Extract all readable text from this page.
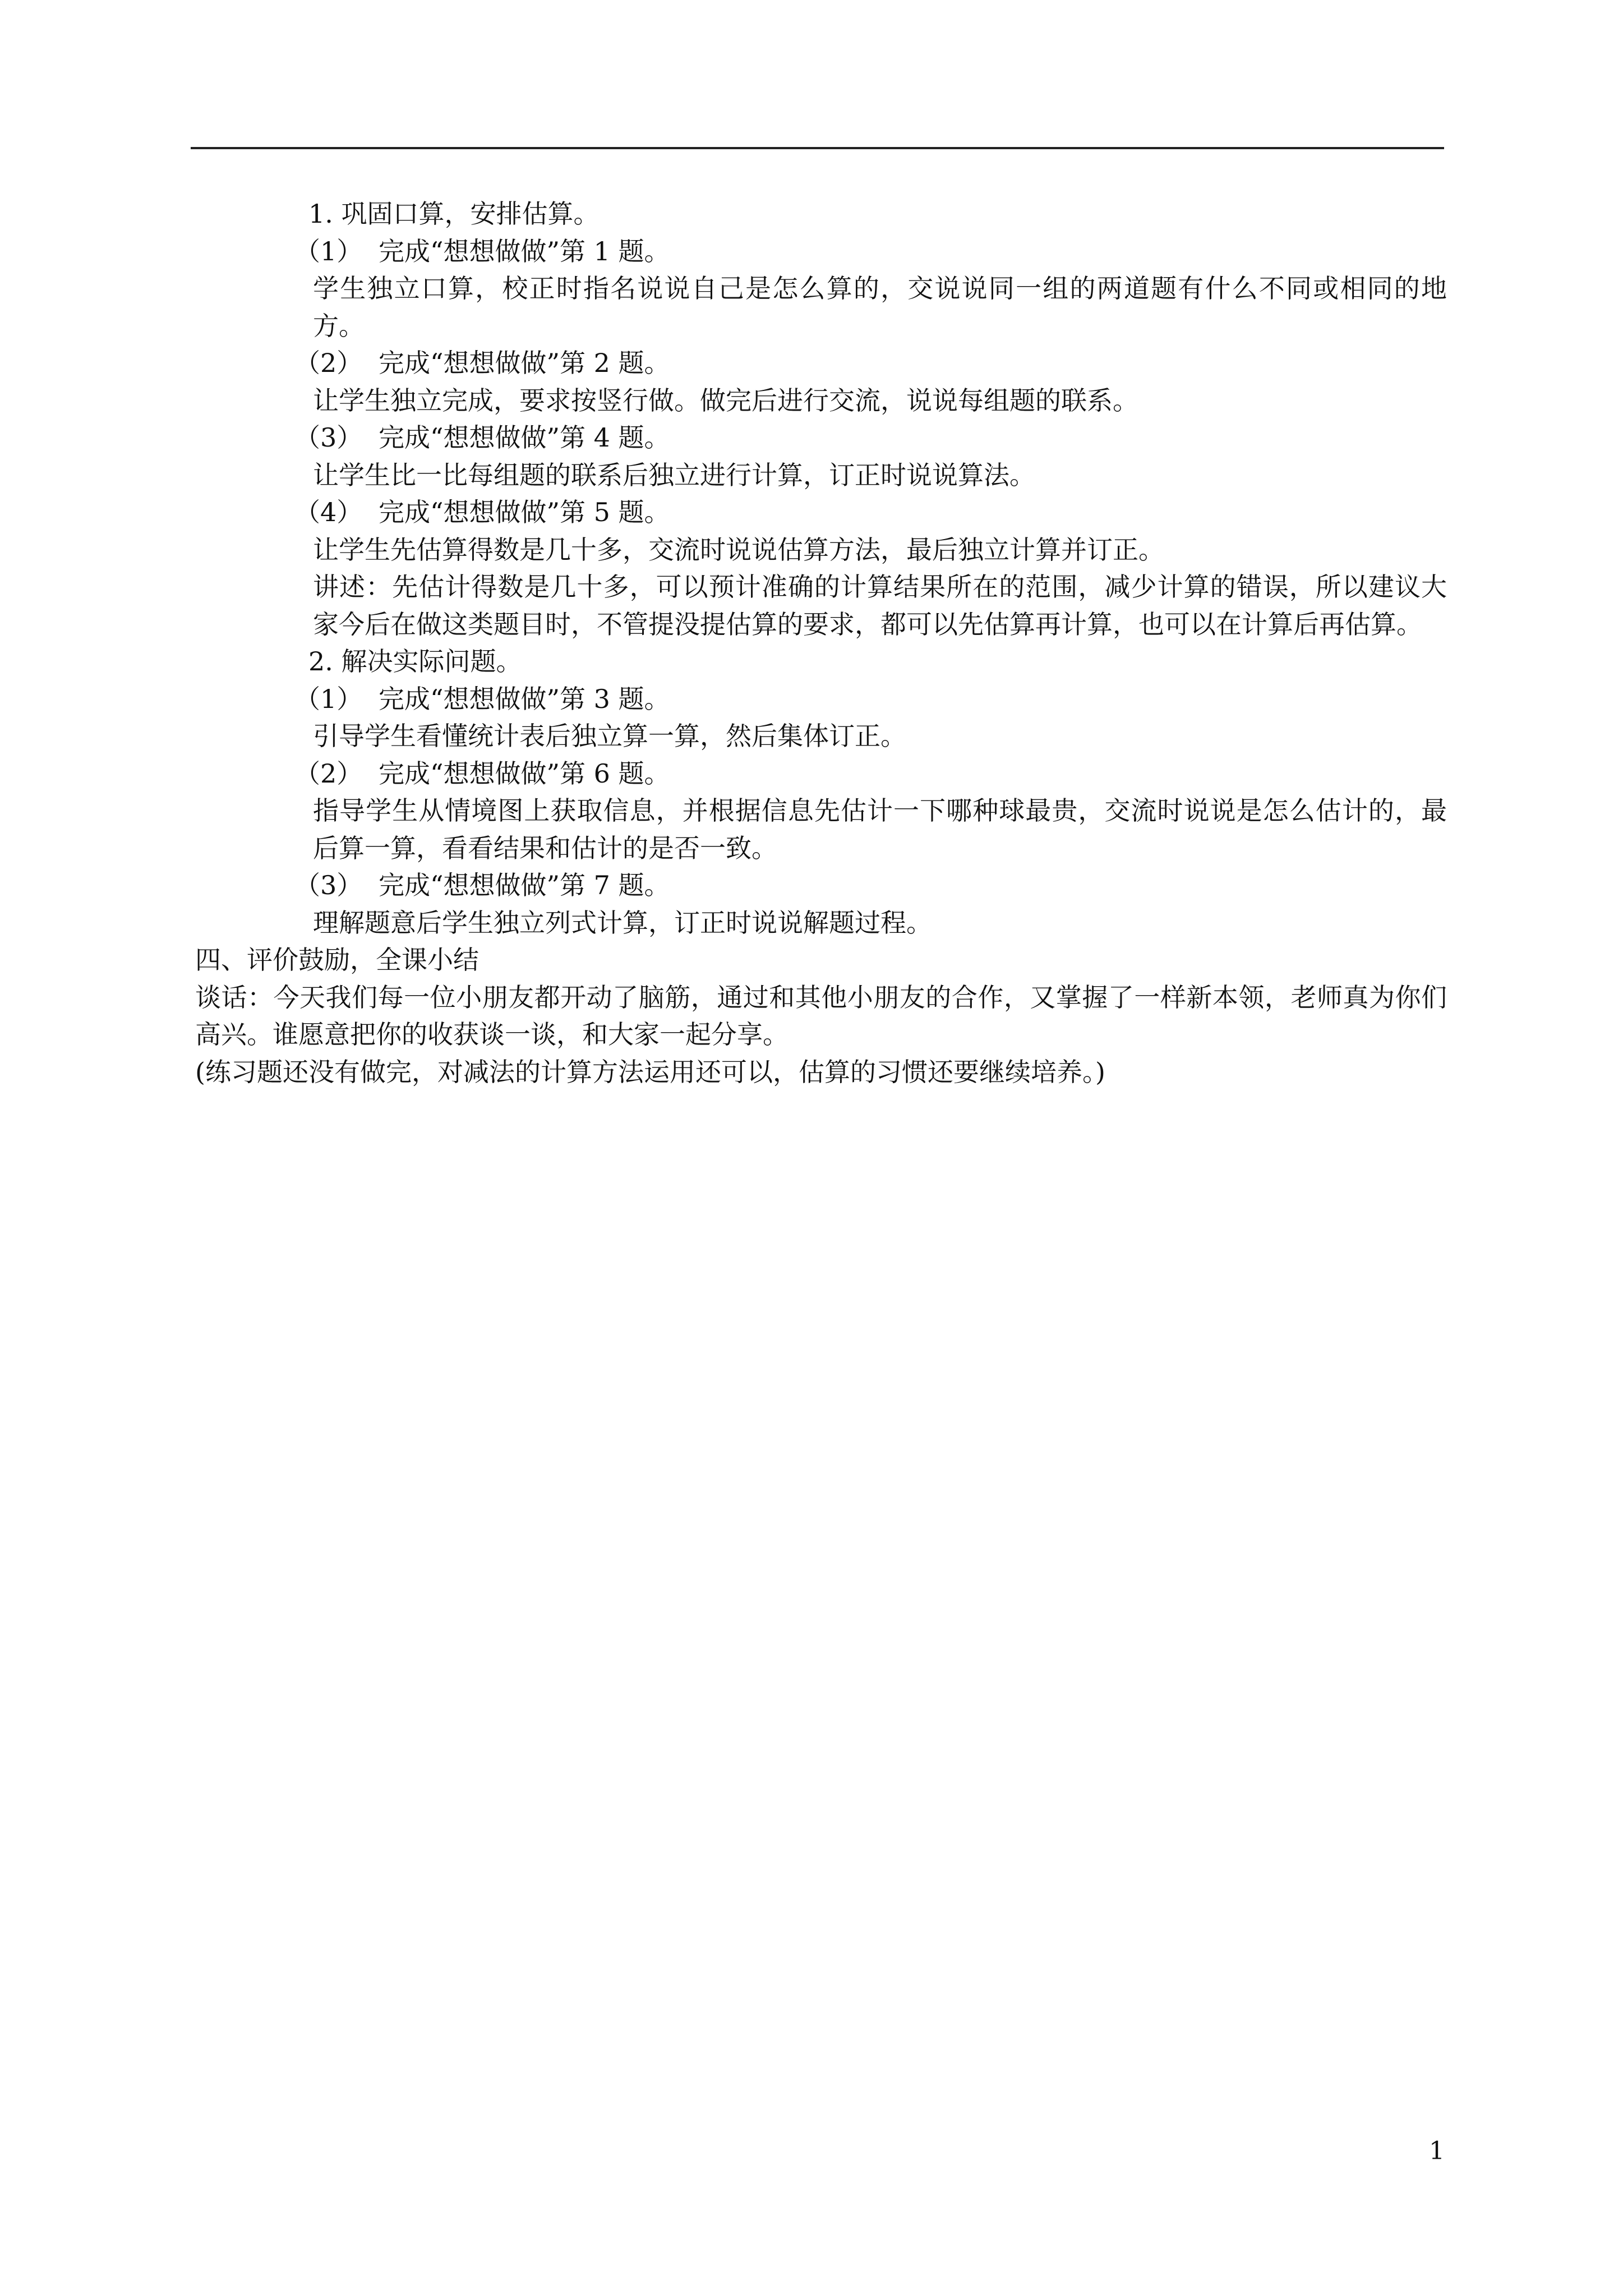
1. 巩固口算，安排估算。

（1） 完成“想想做做”第 1 题。

学生独立口算，校正时指名说说自己是怎么算的，交说说同一组的两道题有什么不同或相同的地方。

（2） 完成“想想做做”第 2 题。

让学生独立完成，要求按竖行做。做完后进行交流，说说每组题的联系。

（3） 完成“想想做做”第 4 题。

让学生比一比每组题的联系后独立进行计算，订正时说说算法。

（4） 完成“想想做做”第 5 题。

让学生先估算得数是几十多，交流时说说估算方法，最后独立计算并订正。

讲述：先估计得数是几十多，可以预计准确的计算结果所在的范围，减少计算的错误，所以建议大家今后在做这类题目时，不管提没提估算的要求，都可以先估算再计算，也可以在计算后再估算。

2. 解决实际问题。

（1） 完成“想想做做”第 3 题。

引导学生看懂统计表后独立算一算，然后集体订正。

（2） 完成“想想做做”第 6 题。

指导学生从情境图上获取信息，并根据信息先估计一下哪种球最贵，交流时说说是怎么估计的，最后算一算，看看结果和估计的是否一致。

（3） 完成“想想做做”第 7 题。

理解题意后学生独立列式计算，订正时说说解题过程。

四、评价鼓励，全课小结

谈话：今天我们每一位小朋友都开动了脑筋，通过和其他小朋友的合作，又掌握了一样新本领，老师真为你们高兴。谁愿意把你的收获谈一谈，和大家一起分享。

(练习题还没有做完，对减法的计算方法运用还可以，估算的习惯还要继续培养。)

1
